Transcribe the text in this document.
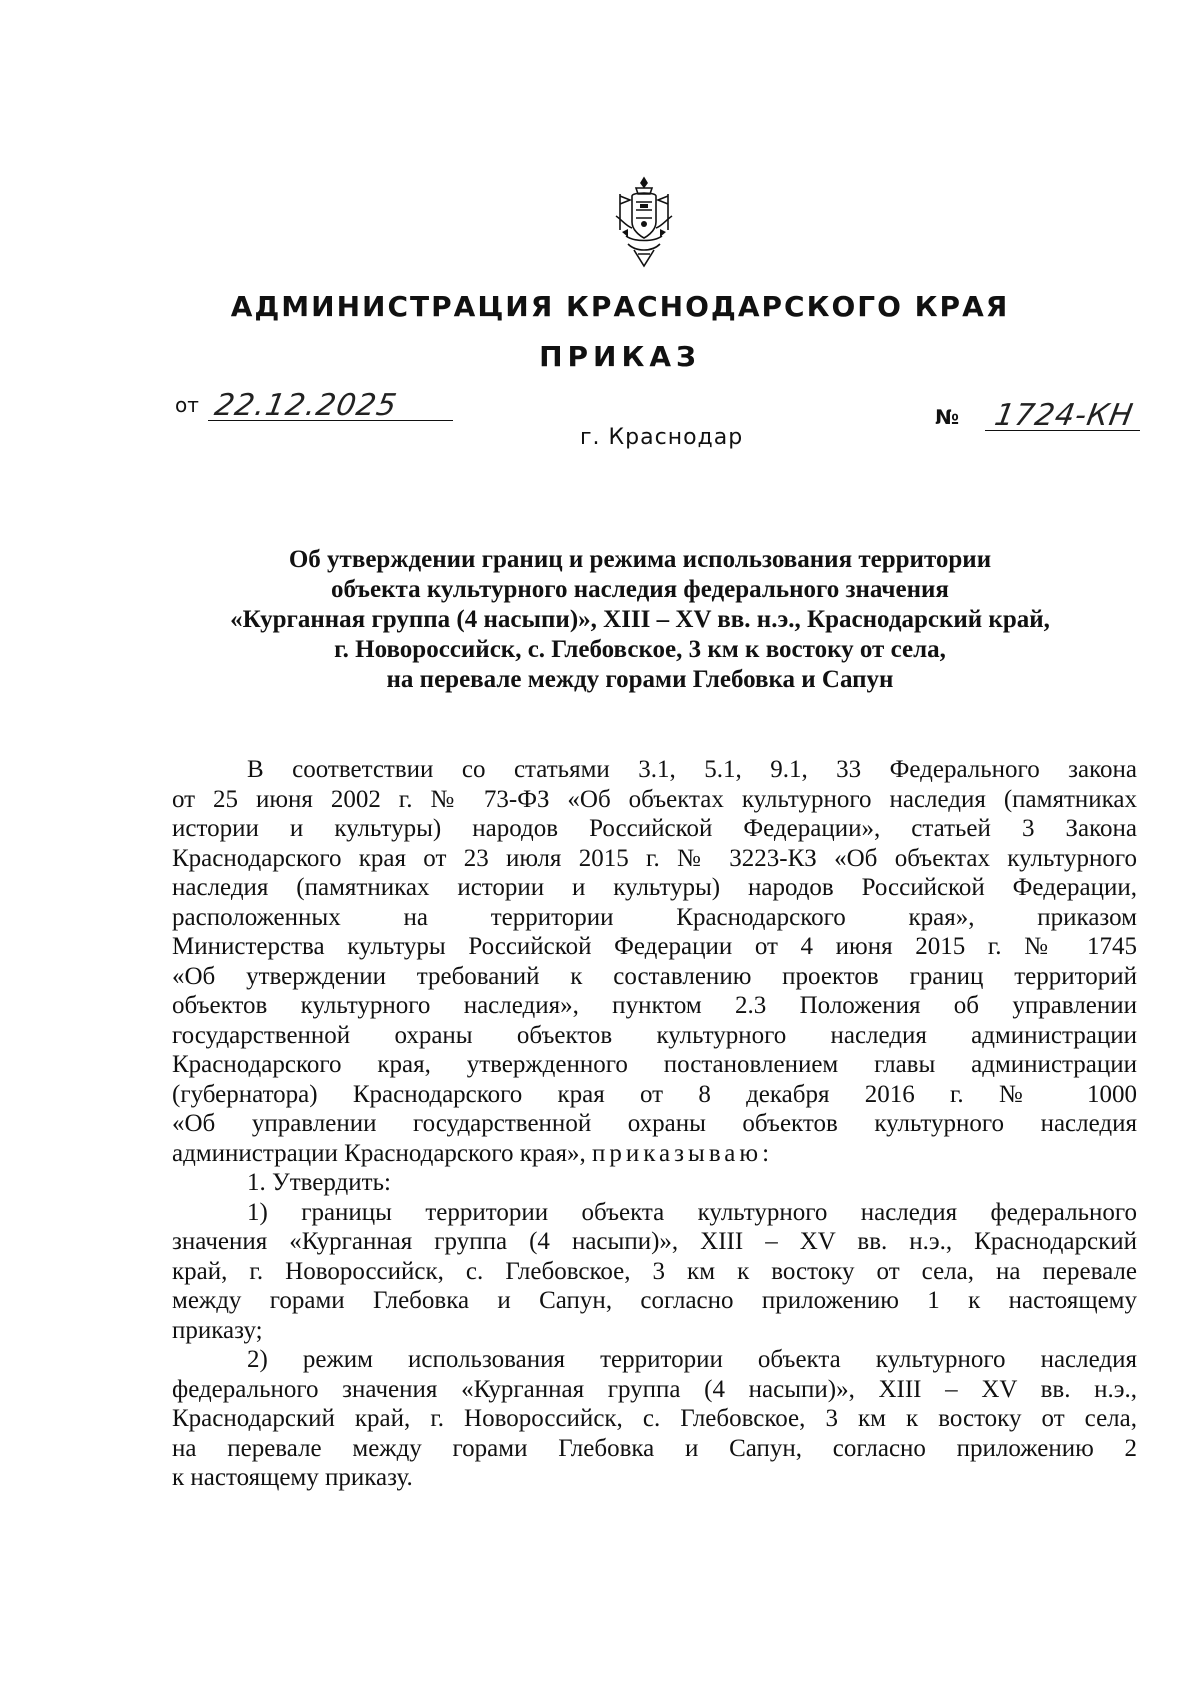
АДМИНИСТРАЦИЯ КРАСНОДАРСКОГО КРАЯ
ПРИКАЗ
от 22.12.2025
г. Краснодар
№ 1724-КН
Об утверждении границ и режима использования территории
объекта культурного наследия федерального значения
«Курганная группа (4 насыпи)», XIII – XV вв. н.э., Краснодарский край,
г. Новороссийск, с. Глебовское, 3 км к востоку от села,
на перевале между горами Глебовка и Сапун
В соответствии со статьями 3.1, 5.1, 9.1, 33 Федерального закона
от 25 июня 2002 г. № 73-ФЗ «Об объектах культурного наследия (памятниках
истории и культуры) народов Российской Федерации», статьей 3 Закона
Краснодарского края от 23 июля 2015 г. № 3223-КЗ «Об объектах культурного
наследия (памятниках истории и культуры) народов Российской Федерации,
расположенных на территории Краснодарского края», приказом
Министерства культуры Российской Федерации от 4 июня 2015 г. № 1745
«Об утверждении требований к составлению проектов границ территорий
объектов культурного наследия», пунктом 2.3 Положения об управлении
государственной охраны объектов культурного наследия администрации
Краснодарского края, утвержденного постановлением главы администрации
(губернатора) Краснодарского края от 8 декабря 2016 г. № 1000
«Об управлении государственной охраны объектов культурного наследия
администрации Краснодарского края», приказываю:
1. Утвердить:
1) границы территории объекта культурного наследия федерального
значения «Курганная группа (4 насыпи)», XIII – XV вв. н.э., Краснодарский
край, г. Новороссийск, с. Глебовское, 3 км к востоку от села, на перевале
между горами Глебовка и Сапун, согласно приложению 1 к настоящему
приказу;
2) режим использования территории объекта культурного наследия
федерального значения «Курганная группа (4 насыпи)», XIII – XV вв. н.э.,
Краснодарский край, г. Новороссийск, с. Глебовское, 3 км к востоку от села,
на перевале между горами Глебовка и Сапун, согласно приложению 2
к настоящему приказу.
